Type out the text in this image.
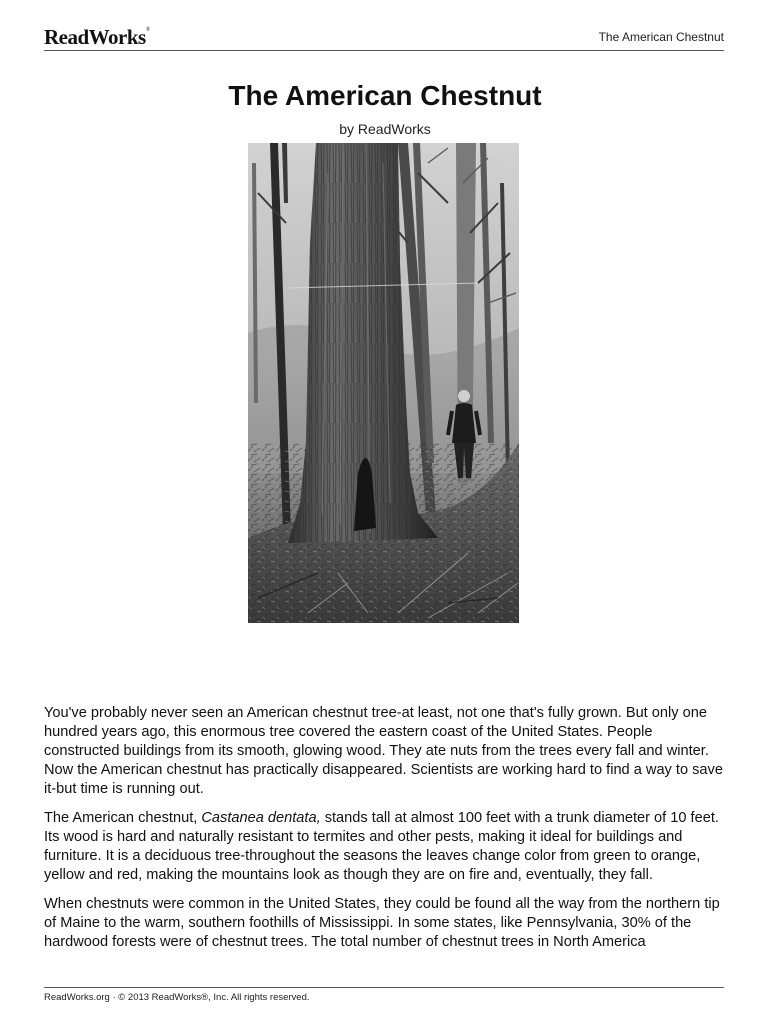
ReadWorks®	The American Chestnut
The American Chestnut
by ReadWorks

You've probably never seen an American chestnut tree-at least, not one that's fully grown. But only one hundred years ago, this enormous tree covered the eastern coast of the United States. People constructed buildings from its smooth, glowing wood. They ate nuts from the trees every fall and winter. Now the American chestnut has practically disappeared. Scientists are working hard to find a way to save it-but time is running out.

The American chestnut, Castanea dentata, stands tall at almost 100 feet with a trunk diameter of 10 feet. Its wood is hard and naturally resistant to termites and other pests, making it ideal for buildings and furniture. It is a deciduous tree-throughout the seasons the leaves change color from green to orange, yellow and red, making the mountains look as though they are on fire and, eventually, they fall.

When chestnuts were common in the United States, they could be found all the way from the northern tip of Maine to the warm, southern foothills of Mississippi. In some states, like Pennsylvania, 30% of the hardwood forests were of chestnut trees. The total number of chestnut trees in North America

ReadWorks.org · © 2013 ReadWorks®, Inc. All rights reserved.
